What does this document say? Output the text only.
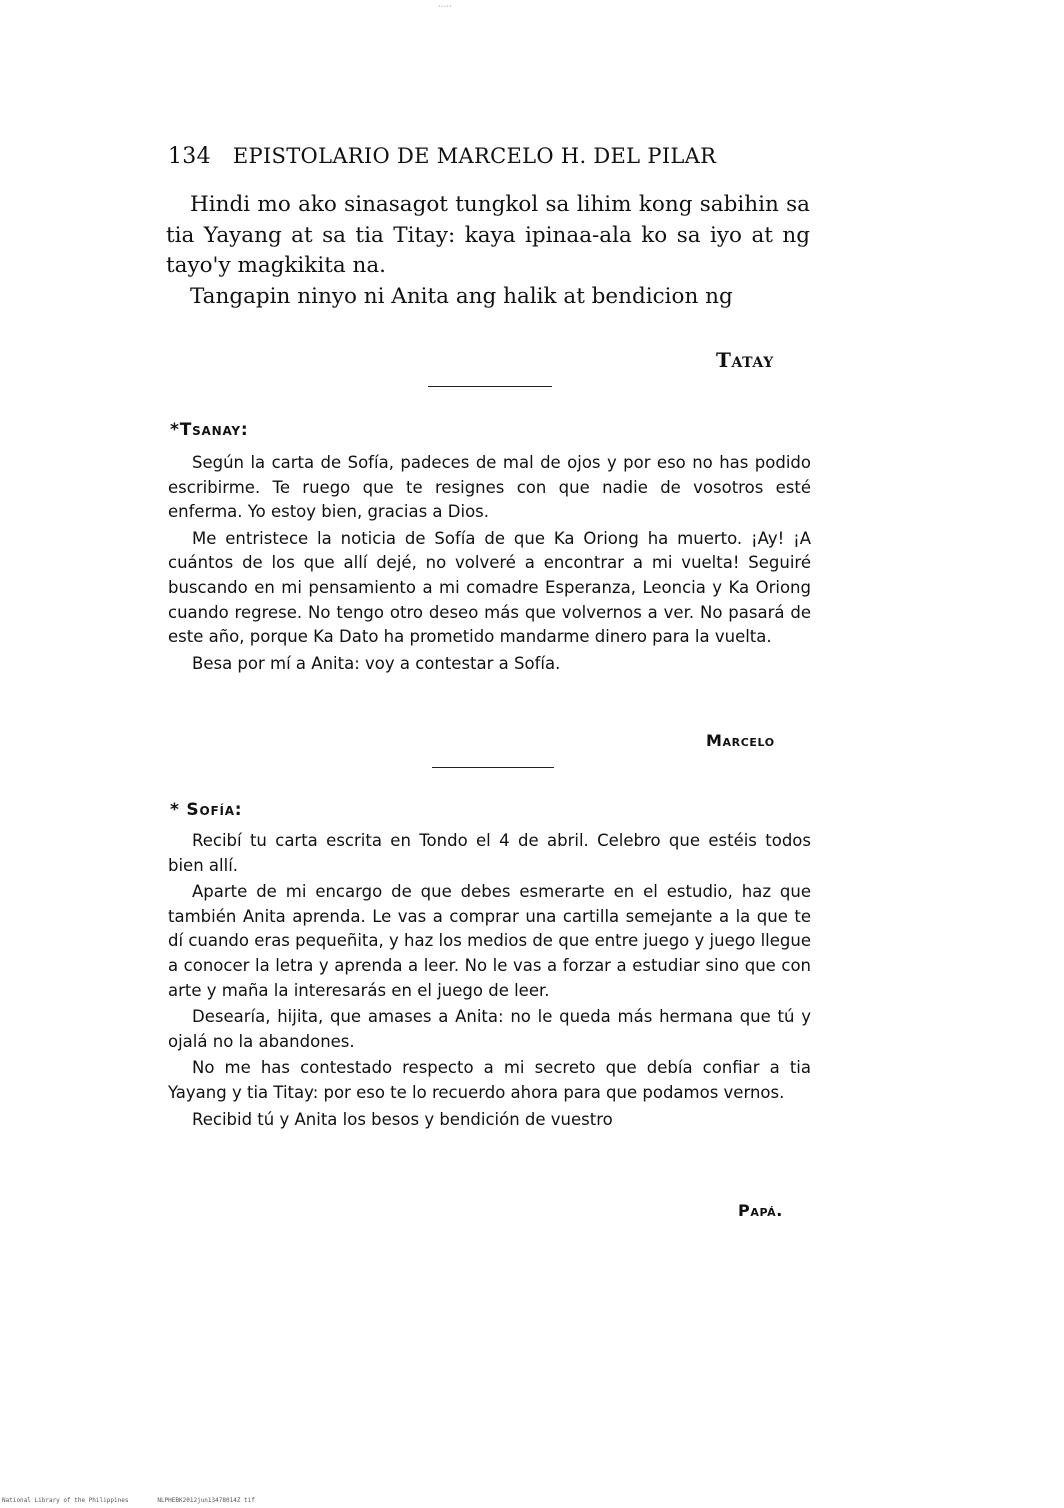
134 EPISTOLARIO DE MARCELO H. DEL PILAR

Hindi mo ako sinasagot tungkol sa lihim kong sabihin sa tia Yayang at sa tia Titay: kaya ipinaa-ala ko sa iyo at ng tayo'y magkikita na.

Tangapin ninyo ni Anita ang halik at bendicion ng

Tatay
*Tsanay:

Según la carta de Sofía, padeces de mal de ojos y por eso no has podido escribirme. Te ruego que te resignes con que nadie de vosotros esté enferma. Yo estoy bien, gracias a Dios.

Me entristece la noticia de Sofía de que Ka Oriong ha muerto. ¡Ay! ¡A cuántos de los que allí dejé, no volveré a encontrar a mi vuelta! Seguiré buscando en mi pensamiento a mi comadre Esperanza, Leoncia y Ka Oriong cuando regrese. No tengo otro deseo más que volvernos a ver. No pasará de este año, porque Ka Dato ha prometido mandarme dinero para la vuelta.

Besa por mí a Anita: voy a contestar a Sofía.

Marcelo
* Sofía:

Recibí tu carta escrita en Tondo el 4 de abril. Celebro que estéis todos bien allí.

Aparte de mi encargo de que debes esmerarte en el estudio, haz que también Anita aprenda. Le vas a comprar una cartilla semejante a la que te dí cuando eras pequeñita, y haz los medios de que entre juego y juego llegue a conocer la letra y aprenda a leer. No le vas a forzar a estudiar sino que con arte y maña la interesarás en el juego de leer.

Desearía, hijita, que amases a Anita: no le queda más hermana que tú y ojalá no la abandones.

No me has contestado respecto a mi secreto que debía confiar a tia Yayang y tia Titay: por eso te lo recuerdo ahora para que podamos vernos.

Recibid tú y Anita los besos y bendición de vuestro

Papá.
National Library of the Philippines	NLPHEBK2012jun13478014Z tif
⋅⋅⋅⋅⋅
